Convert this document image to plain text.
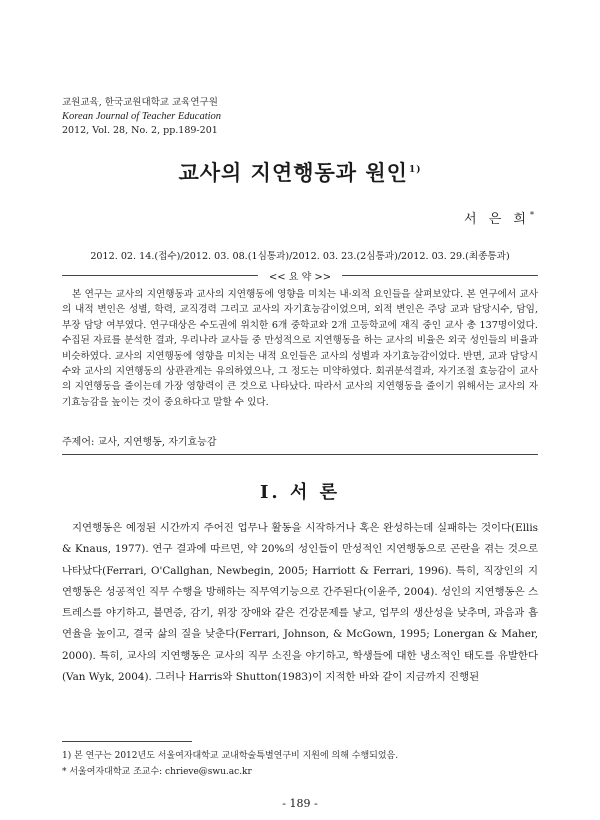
교원교육, 한국교원대학교 교육연구원
Korean Journal of Teacher Education
2012, Vol. 28, No. 2, pp.189-201
교사의 지연행동과 원인$^{1)}$
서 은 희*
2012. 02. 14.(접수)/2012. 03. 08.(1심통과)/2012. 03. 23.(2심통과)/2012. 03. 29.(최종통과)
<< 요 약 >>

본 연구는 교사의 지연행동과 교사의 지연행동에 영향을 미치는 내·외적 요인들을 살펴보았다. 본 연구에서 교사의 내적 변인은 성별, 학력, 교직경력 그리고 교사의 자기효능감이었으며, 외적 변인은 주당 교과 담당시수, 담임, 부장 담당 여부였다. 연구대상은 수도권에 위치한 6개 중학교와 2개 고등학교에 재직 중인 교사 총 137명이었다. 수집된 자료를 분석한 결과, 우리나라 교사들 중 만성적으로 지연행동을 하는 교사의 비율은 외국 성인들의 비율과 비슷하였다. 교사의 지연행동에 영향을 미치는 내적 요인들은 교사의 성별과 자기효능감이었다. 반면, 교과 담당시수와 교사의 지연행동의 상관관계는 유의하였으나, 그 정도는 미약하였다. 회귀분석결과, 자기조절 효능감이 교사의 지연행동을 줄이는데 가장 영향력이 큰 것으로 나타났다. 따라서 교사의 지연행동을 줄이기 위해서는 교사의 자기효능감을 높이는 것이 중요하다고 말할 수 있다.

주제어: 교사, 지연행동, 자기효능감
Ⅰ. 서 론

지연행동은 예정된 시간까지 주어진 업무나 활동을 시작하거나 혹은 완성하는데 실패하는 것이다(Ellis & Knaus, 1977). 연구 결과에 따르면, 약 20%의 성인들이 만성적인 지연행동으로 곤란을 겪는 것으로 나타났다(Ferrari, O'Callghan, Newbegin, 2005; Harriott & Ferrari, 1996). 특히, 직장인의 지연행동은 성공적인 직무 수행을 방해하는 직무역기능으로 간주된다(이윤주, 2004). 성인의 지연행동은 스트레스를 야기하고, 불면증, 감기, 위장 장애와 같은 건강문제를 낳고, 업무의 생산성을 낮추며, 과음과 흡연율을 높이고, 결국 삶의 질을 낮춘다(Ferrari, Johnson, & McGown, 1995; Lonergan & Maher, 2000). 특히, 교사의 지연행동은 교사의 직무 소진을 야기하고, 학생들에 대한 냉소적인 태도를 유발한다(Van Wyk, 2004). 그러나 Harris와 Shutton(1983)이 지적한 바와 같이 지금까지 진행된

1) 본 연구는 2012년도 서울여자대학교 교내학술특별연구비 지원에 의해 수행되었음.
* 서울여자대학교 조교수: chrieve@swu.ac.kr
- 189 -
